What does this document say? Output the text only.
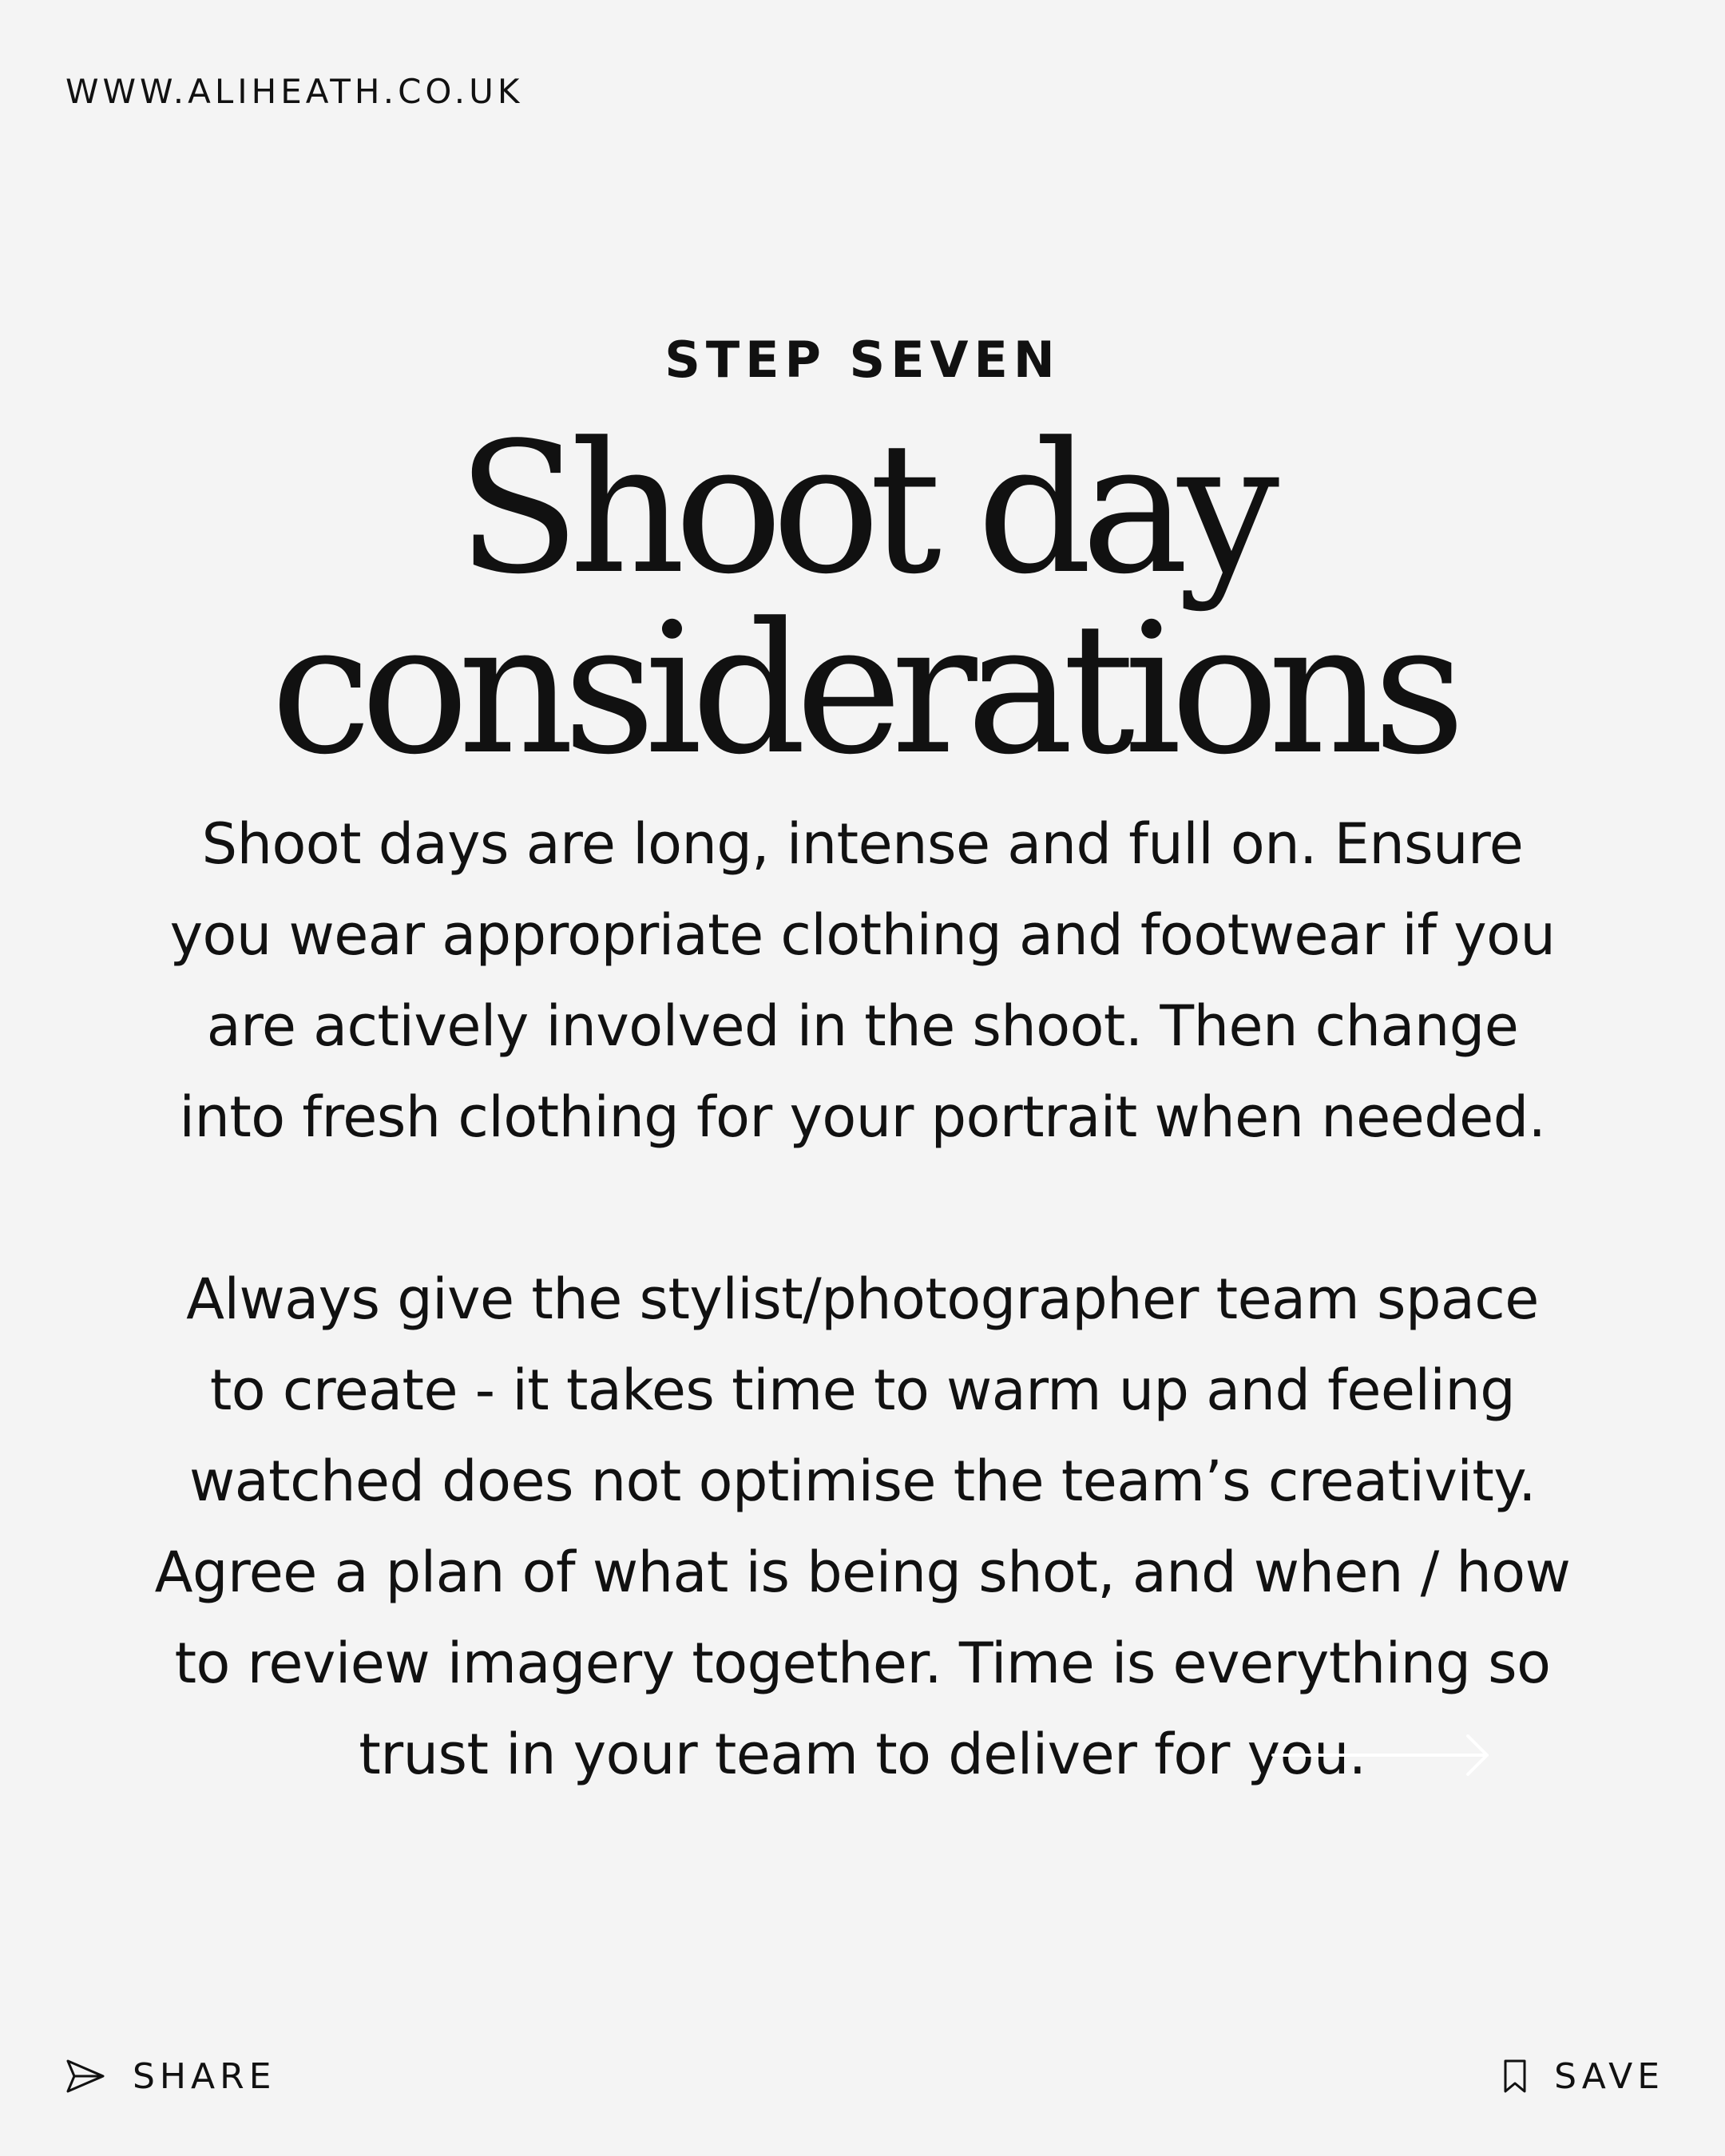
WWW.ALIHEATH.CO.UK
STEP SEVEN
Shoot day
considerations

Shoot days are long, intense and full on. Ensure you wear appropriate clothing and footwear if you are actively involved in the shoot. Then change into fresh clothing for your portrait when needed.

Always give the stylist/photographer team space to create - it takes time to warm up and feeling watched does not optimise the team’s creativity. Agree a plan of what is being shot, and when / how to review imagery together. Time is everything so trust in your team to deliver for you.

SHARE	SAVE
